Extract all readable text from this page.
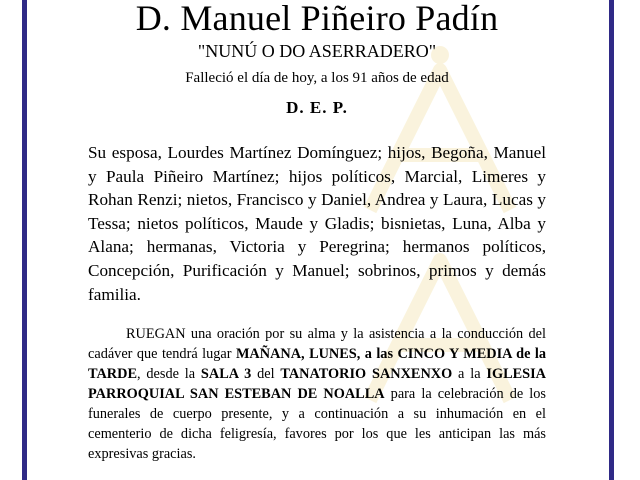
D. Manuel Piñeiro Padín
"NUNÚ O DO ASERRADERO"
Falleció el día de hoy, a los 91 años de edad
D. E. P.
Su esposa, Lourdes Martínez Domínguez; hijos, Begoña, Manuel y Paula Piñeiro Martínez; hijos políticos, Marcial, Limeres y Rohan Renzi; nietos, Francisco y Daniel, Andrea y Laura, Lucas y Tessa; nietos políticos, Maude y Gladis; bisnietas, Luna, Alba y Alana; hermanas, Victoria y Peregrina; hermanos políticos, Concepción, Purificación y Manuel; sobrinos, primos y demás familia.
RUEGAN una oración por su alma y la asistencia a la conducción del cadáver que tendrá lugar MAÑANA, LUNES, a las CINCO Y MEDIA de la TARDE, desde la SALA 3 del TANATORIO SANXENXO a la IGLESIA PARROQUIAL SAN ESTEBAN DE NOALLA para la celebración de los funerales de cuerpo presente, y a continuación a su inhumación en el cementerio de dicha feligresía, favores por los que les anticipan las más expresivas gracias.
